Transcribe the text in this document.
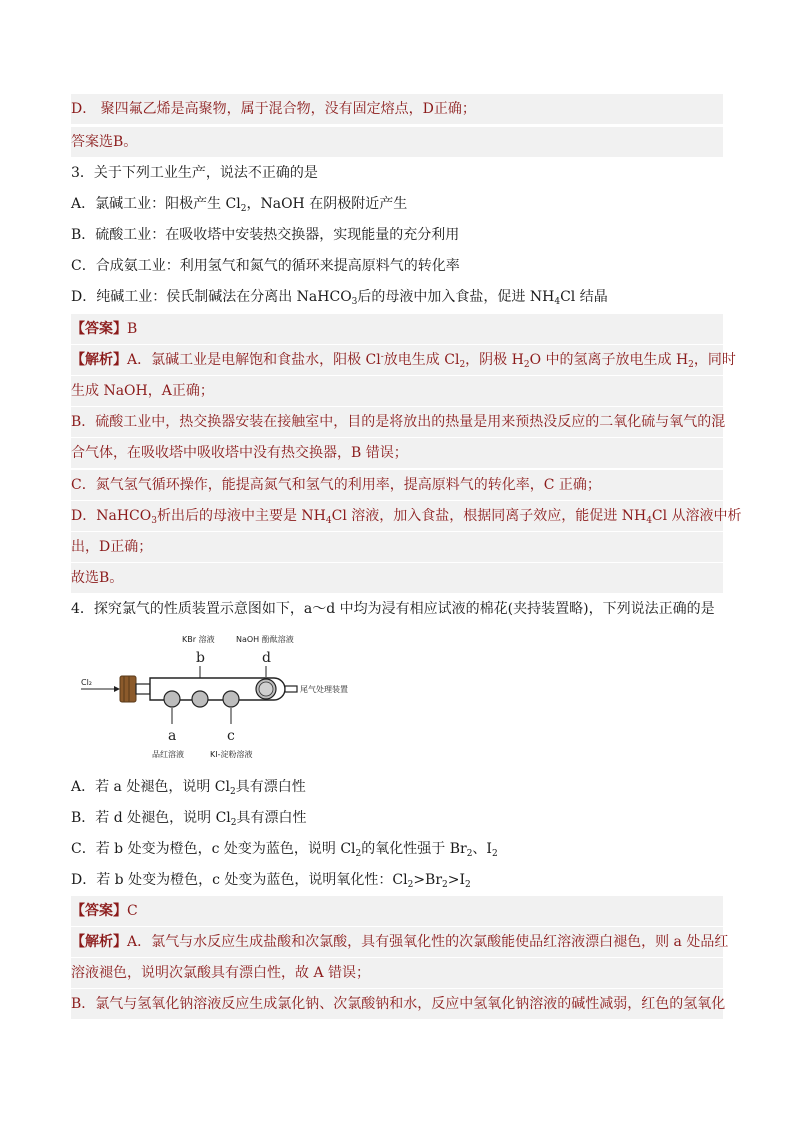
D． 聚四氟乙烯是高聚物，属于混合物，没有固定熔点，D正确；
答案选B。
3．关于下列工业生产，说法不正确的是
A．氯碱工业：阳极产生 $Cl_2$，NaOH 在阴极附近产生
B．硫酸工业：在吸收塔中安装热交换器，实现能量的充分利用
C．合成氨工业：利用氢气和氮气的循环来提高原料气的转化率
D．纯碱工业：侯氏制碱法在分离出 NaHCO$_3$后的母液中加入食盐，促进 $NH_4Cl$ 结晶
【答案】B
【解析】A．氯碱工业是电解饱和食盐水，阳极 Cl-放电生成 $Cl_2$，阴极 $H_2O$ 中的氢离子放电生成 $H_2$，同时
生成 NaOH，A正确；
B．硫酸工业中，热交换器安装在接触室中，目的是将放出的热量是用来预热没反应的二氧化硫与氧气的混
合气体，在吸收塔中吸收塔中没有热交换器，B 错误；
C．氮气氢气循环操作，能提高氮气和氢气的利用率，提高原料气的转化率，C 正确；
D．NaHCO$_3$析出后的母液中主要是 $NH_4Cl$ 溶液，加入食盐，根据同离子效应，能促进 $NH_4Cl$ 从溶液中析
出，D正确；
故选B。
4．探究氯气的性质装置示意图如下，a～d 中均为浸有相应试液的棉花(夹持装置略)，下列说法正确的是
KBr 溶液	NaOH 酚酞溶液
b	d
Cl₂
尾气处理装置
a	c
品红溶液	KI-淀粉溶液
A．若 a 处褪色，说明 $Cl_2$具有漂白性
B．若 d 处褪色，说明 $Cl_2$具有漂白性
C．若 b 处变为橙色，c 处变为蓝色，说明 $Cl_2$的氧化性强于 $Br_2$、$I_2$
D．若 b 处变为橙色，c 处变为蓝色，说明氧化性：$Cl_2>Br_2>I_2$
【答案】C
【解析】A．氯气与水反应生成盐酸和次氯酸，具有强氧化性的次氯酸能使品红溶液漂白褪色，则 a 处品红
溶液褪色，说明次氯酸具有漂白性，故 A 错误；
B．氯气与氢氧化钠溶液反应生成氯化钠、次氯酸钠和水，反应中氢氧化钠溶液的碱性减弱，红色的氢氧化
